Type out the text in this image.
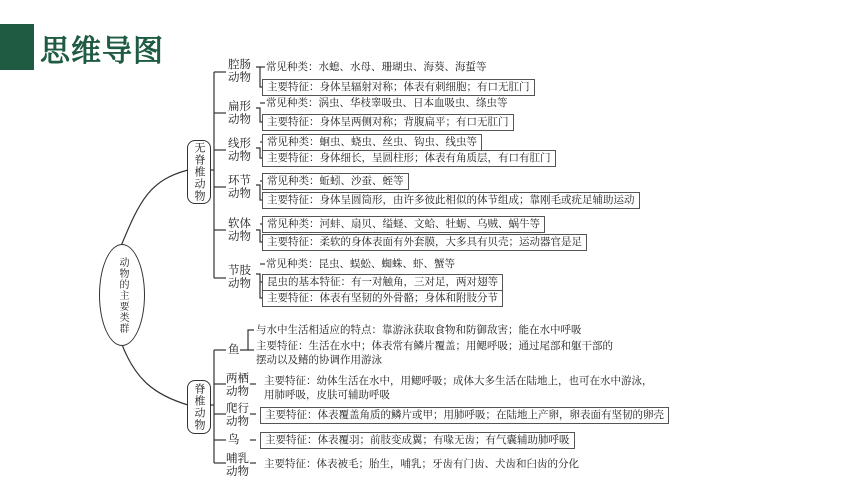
思维导图
动物的主要类群
无脊椎动物
脊椎动物
腔肠
动物
扁形
动物
线形
动物
环节
动物
软体
动物
节肢
动物
常见种类：水螅、水母、珊瑚虫、海葵、海蜇等
主要特征：身体呈辐射对称；体表有刺细胞；有口无肛门
常见种类：涡虫、华枝睾吸虫、日本血吸虫、绦虫等
主要特征：身体呈两侧对称；背腹扁平；有口无肛门
常见种类：蛔虫、蛲虫、丝虫、钩虫、线虫等
主要特征：身体细长，呈圆柱形；体表有角质层，有口有肛门
常见种类：蚯蚓、沙蚕、蛭等
主要特征：身体呈圆筒形，由许多彼此相似的体节组成；靠刚毛或疣足辅助运动
常见种类：河蚌、扇贝、缢蛏、文蛤、牡蛎、乌贼、蜗牛等
主要特征：柔软的身体表面有外套膜，大多具有贝壳；运动器官是足
常见种类：昆虫、蜈蚣、蜘蛛、虾、蟹等
昆虫的基本特征：有一对触角，三对足，两对翅等
主要特征：体表有坚韧的外骨骼；身体和附肢分节
鱼
两栖
动物
爬行
动物
鸟
哺乳
动物
与水中生活相适应的特点：靠游泳获取食物和防御敌害；能在水中呼吸
主要特征：生活在水中；体表常有鳞片覆盖；用鳃呼吸；通过尾部和躯干部的
摆动以及鳍的协调作用游泳
主要特征：幼体生活在水中，用鳃呼吸；成体大多生活在陆地上，也可在水中游泳，
用肺呼吸，皮肤可辅助呼吸
主要特征：体表覆盖角质的鳞片或甲；用肺呼吸；在陆地上产卵，卵表面有坚韧的卵壳
主要特征：体表覆羽；前肢变成翼；有喙无齿；有气囊辅助肺呼吸
主要特征：体表被毛；胎生，哺乳；牙齿有门齿、犬齿和臼齿的分化
